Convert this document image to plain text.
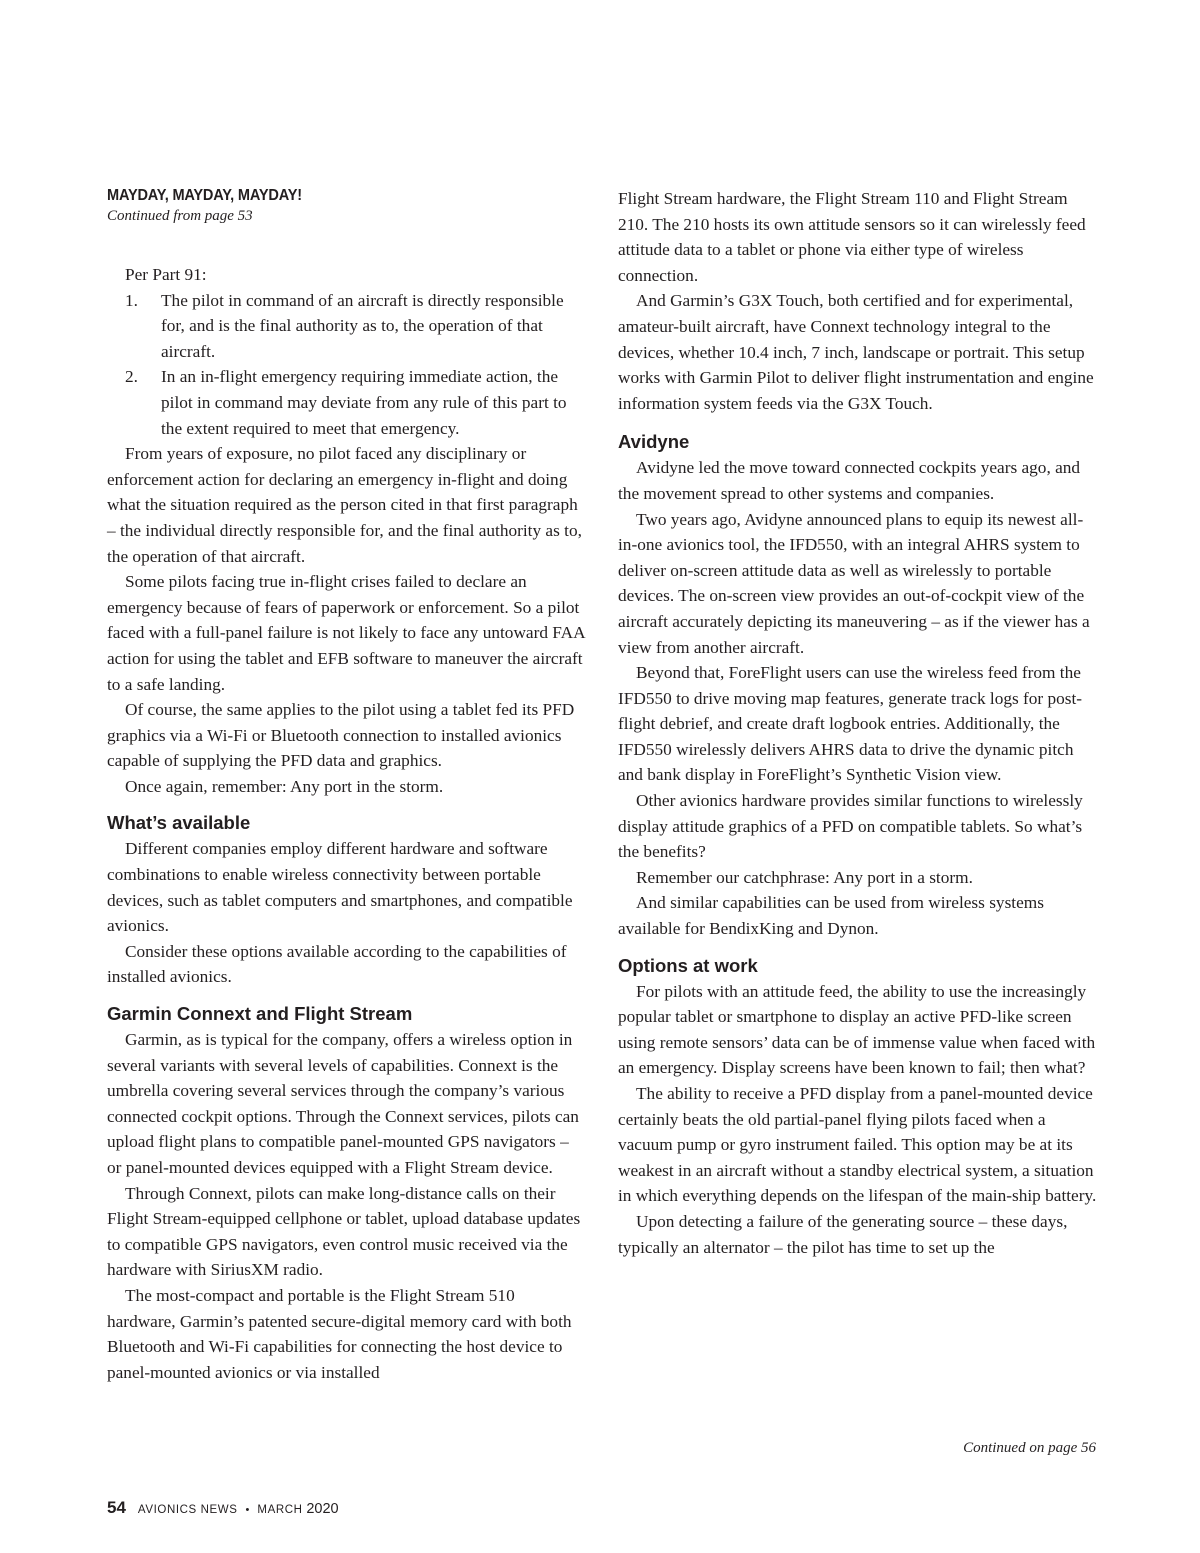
MAYDAY, MAYDAY, MAYDAY!

Continued from page 53

Per Part 91:

1. The pilot in command of an aircraft is directly responsible for, and is the final authority as to, the operation of that aircraft.
2. In an in-flight emergency requiring immediate action, the pilot in command may deviate from any rule of this part to the extent required to meet that emergency.

From years of exposure, no pilot faced any disciplinary or enforcement action for declaring an emergency in-flight and doing what the situation required as the person cited in that first paragraph – the individual directly responsible for, and the final authority as to, the operation of that aircraft.

Some pilots facing true in-flight crises failed to declare an emergency because of fears of paperwork or enforcement. So a pilot faced with a full-panel failure is not likely to face any untoward FAA action for using the tablet and EFB software to maneuver the aircraft to a safe landing.

Of course, the same applies to the pilot using a tablet fed its PFD graphics via a Wi-Fi or Bluetooth connection to installed avionics capable of supplying the PFD data and graphics.

Once again, remember: Any port in the storm.

What’s available

Different companies employ different hardware and software combinations to enable wireless connectivity between portable devices, such as tablet computers and smartphones, and compatible avionics.

Consider these options available according to the capabilities of installed avionics.

Garmin Connext and Flight Stream

Garmin, as is typical for the company, offers a wireless option in several variants with several levels of capabilities. Connext is the umbrella covering several services through the company’s various connected cockpit options. Through the Connext services, pilots can upload flight plans to compatible panel-mounted GPS navigators – or panel-mounted devices equipped with a Flight Stream device.

Through Connext, pilots can make long-distance calls on their Flight Stream-equipped cellphone or tablet, upload database updates to compatible GPS navigators, even control music received via the hardware with SiriusXM radio.

The most-compact and portable is the Flight Stream 510 hardware, Garmin’s patented secure-digital memory card with both Bluetooth and Wi-Fi capabilities for connecting the host device to panel-mounted avionics or via installed

Flight Stream hardware, the Flight Stream 110 and Flight Stream 210. The 210 hosts its own attitude sensors so it can wirelessly feed attitude data to a tablet or phone via either type of wireless connection.

And Garmin’s G3X Touch, both certified and for experimental, amateur-built aircraft, have Connext technology integral to the devices, whether 10.4 inch, 7 inch, landscape or portrait. This setup works with Garmin Pilot to deliver flight instrumentation and engine information system feeds via the G3X Touch.

Avidyne

Avidyne led the move toward connected cockpits years ago, and the movement spread to other systems and companies.

Two years ago, Avidyne announced plans to equip its newest all-in-one avionics tool, the IFD550, with an integral AHRS system to deliver on-screen attitude data as well as wirelessly to portable devices. The on-screen view provides an out-of-cockpit view of the aircraft accurately depicting its maneuvering – as if the viewer has a view from another aircraft.

Beyond that, ForeFlight users can use the wireless feed from the IFD550 to drive moving map features, generate track logs for post-flight debrief, and create draft logbook entries. Additionally, the IFD550 wirelessly delivers AHRS data to drive the dynamic pitch and bank display in ForeFlight’s Synthetic Vision view.

Other avionics hardware provides similar functions to wirelessly display attitude graphics of a PFD on compatible tablets. So what’s the benefits?

Remember our catchphrase: Any port in a storm.

And similar capabilities can be used from wireless systems available for BendixKing and Dynon.

Options at work

For pilots with an attitude feed, the ability to use the increasingly popular tablet or smartphone to display an active PFD-like screen using remote sensors’ data can be of immense value when faced with an emergency. Display screens have been known to fail; then what?

The ability to receive a PFD display from a panel-mounted device certainly beats the old partial-panel flying pilots faced when a vacuum pump or gyro instrument failed. This option may be at its weakest in an aircraft without a standby electrical system, a situation in which everything depends on the lifespan of the main-ship battery.

Upon detecting a failure of the generating source – these days, typically an alternator – the pilot has time to set up the

Continued on page 56
54 AVIONICS NEWS • MARCH 2020
